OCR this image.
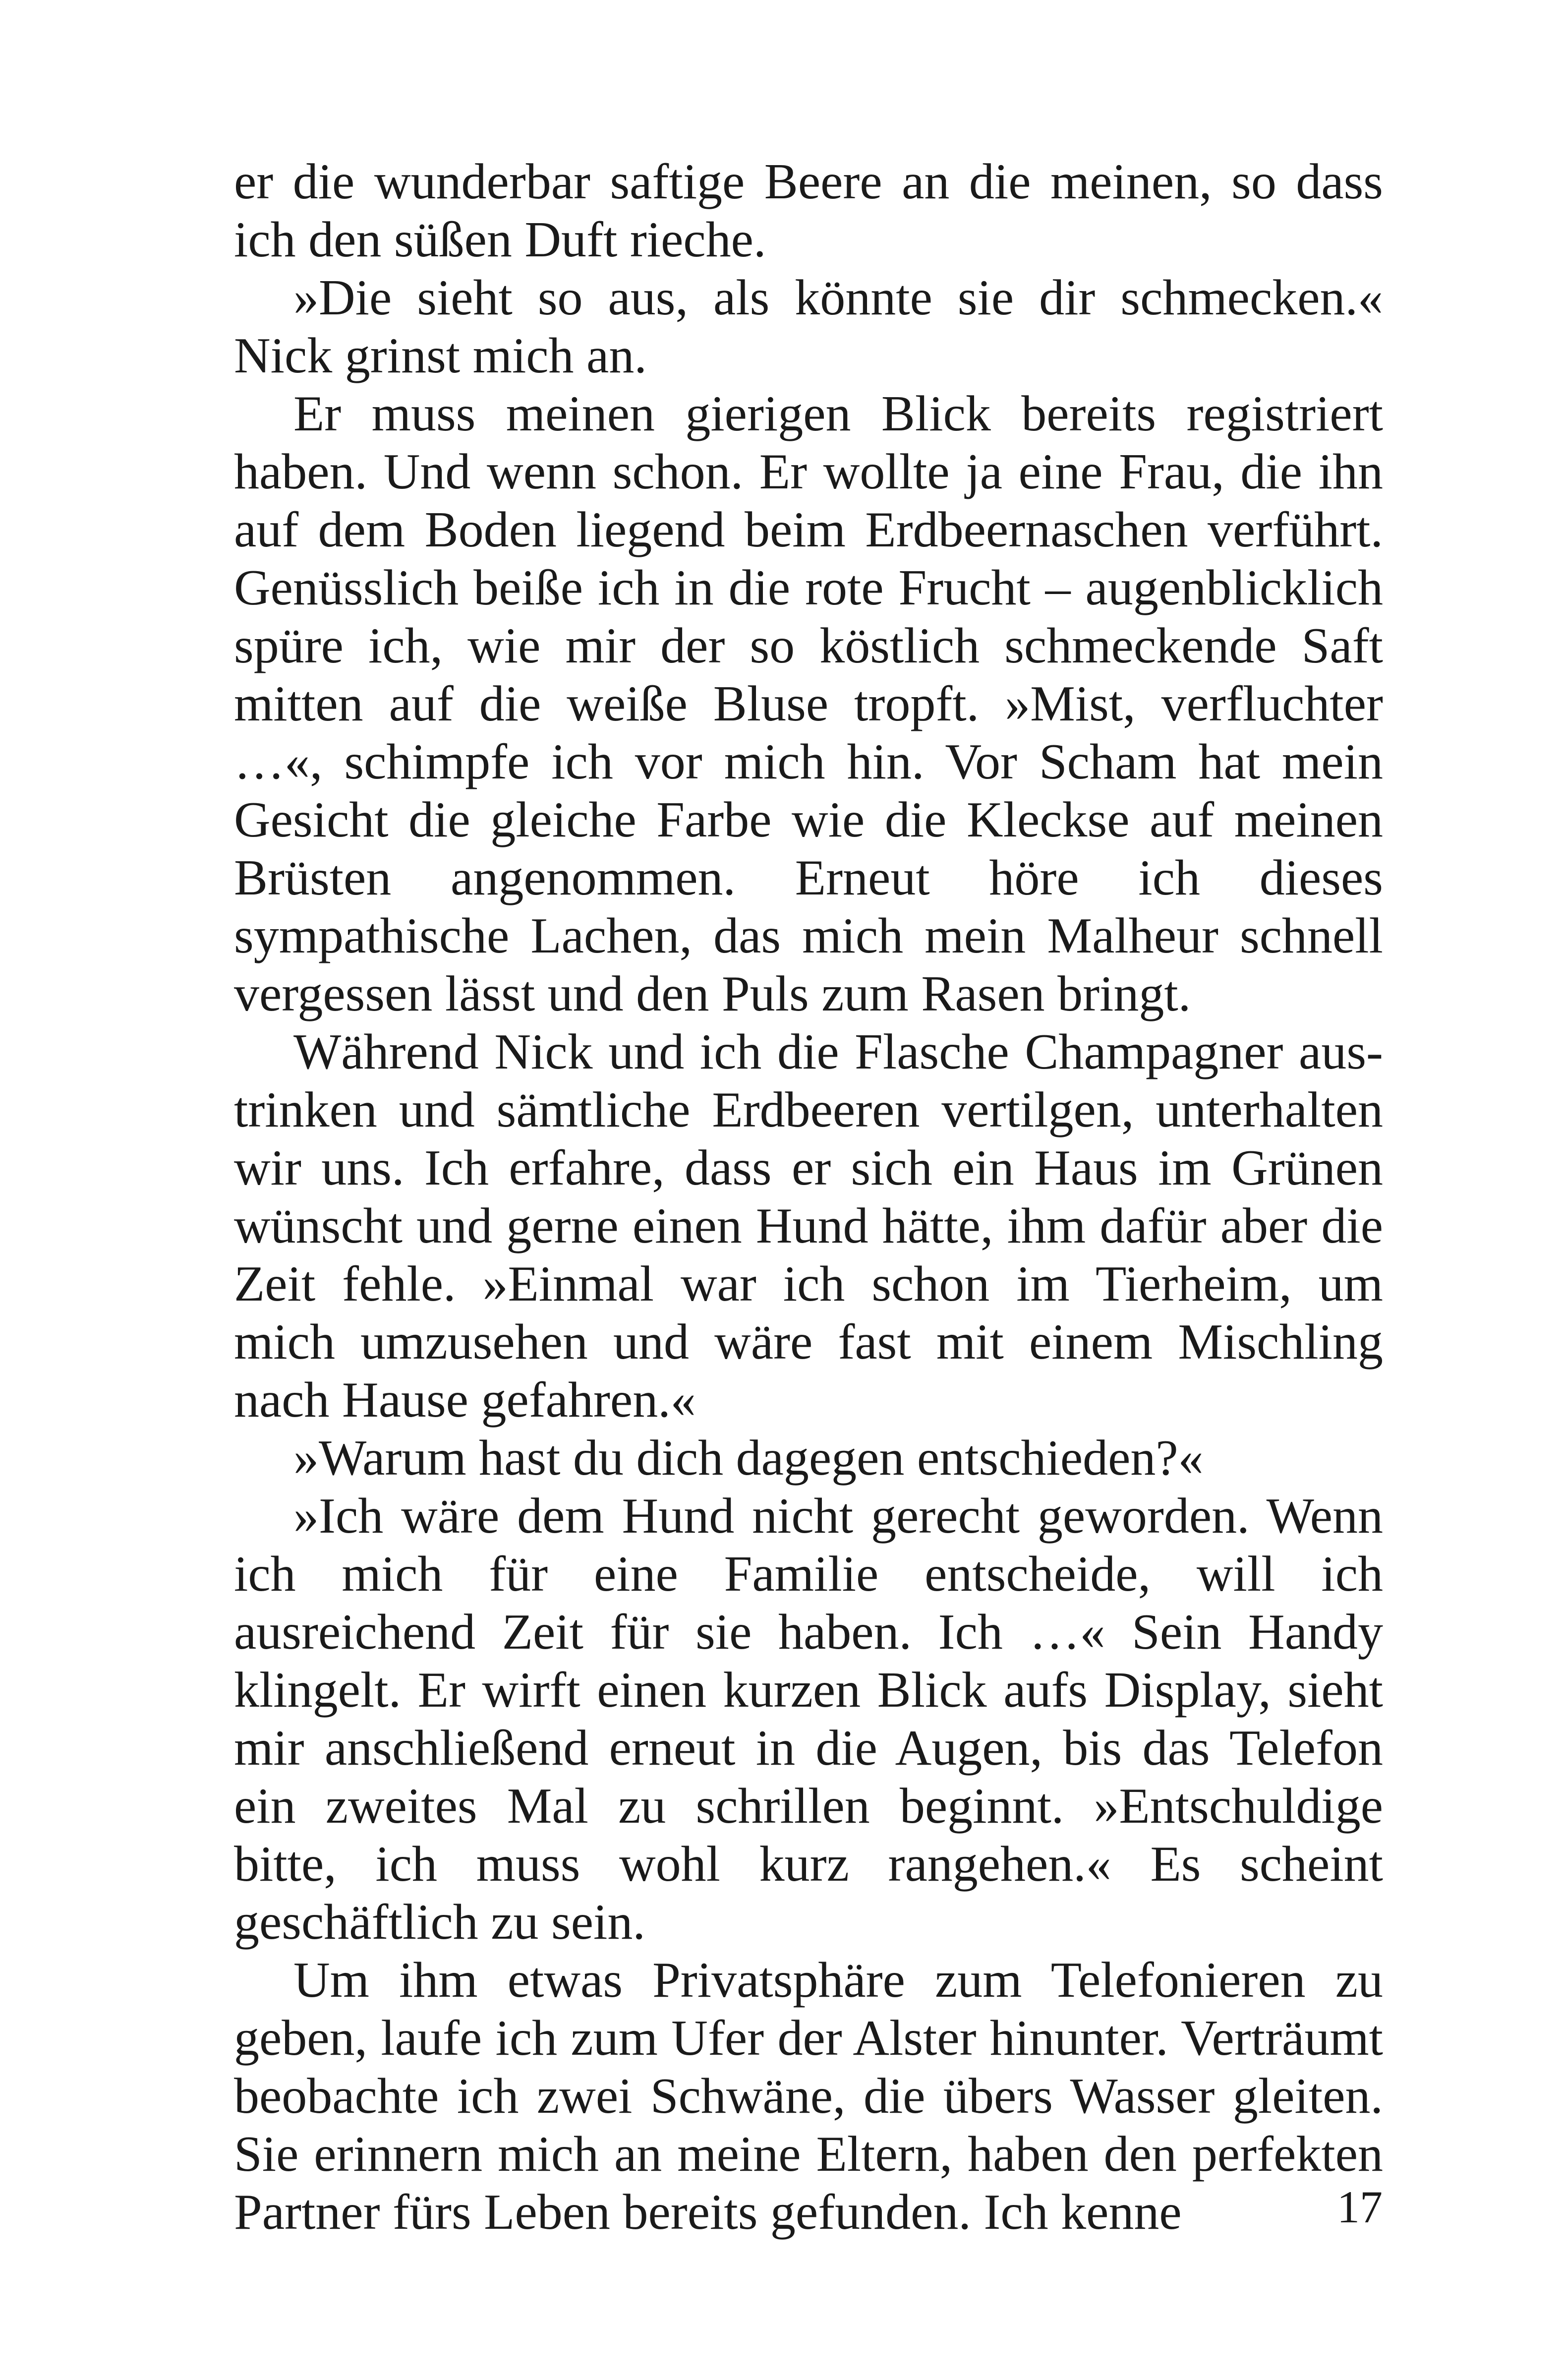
er die wunderbar saftige Beere an die meinen, so dass ich den süßen Duft rieche.

»Die sieht so aus, als könnte sie dir schmecken.« Nick grinst mich an.

Er muss meinen gierigen Blick bereits registriert haben. Und wenn schon. Er wollte ja eine Frau, die ihn auf dem Boden liegend beim Erdbeernaschen verführt. Genüsslich beiße ich in die rote Frucht – augenblicklich spüre ich, wie mir der so köstlich schmeckende Saft mitten auf die weiße Bluse tropft. »Mist, verfluchter …«, schimpfe ich vor mich hin. Vor Scham hat mein Gesicht die gleiche Farbe wie die Kleckse auf meinen Brüsten angenommen. Erneut höre ich dieses sympathische Lachen, das mich mein Malheur schnell vergessen lässt und den Puls zum Rasen bringt.

Während Nick und ich die Flasche Champagner austrinken und sämtliche Erdbeeren vertilgen, unterhalten wir uns. Ich erfahre, dass er sich ein Haus im Grünen wünscht und gerne einen Hund hätte, ihm dafür aber die Zeit fehle. »Einmal war ich schon im Tierheim, um mich umzusehen und wäre fast mit einem Mischling nach Hause gefahren.«

»Warum hast du dich dagegen entschieden?«

»Ich wäre dem Hund nicht gerecht geworden. Wenn ich mich für eine Familie entscheide, will ich ausreichend Zeit für sie haben. Ich …« Sein Handy klingelt. Er wirft einen kurzen Blick aufs Display, sieht mir anschließend erneut in die Augen, bis das Telefon ein zweites Mal zu schrillen beginnt. »Entschuldige bitte, ich muss wohl kurz rangehen.« Es scheint geschäftlich zu sein.

Um ihm etwas Privatsphäre zum Telefonieren zu geben, laufe ich zum Ufer der Alster hinunter. Verträumt beobachte ich zwei Schwäne, die übers Wasser gleiten. Sie erinnern mich an meine Eltern, haben den perfekten Partner fürs Leben bereits gefunden. Ich kenne	17
